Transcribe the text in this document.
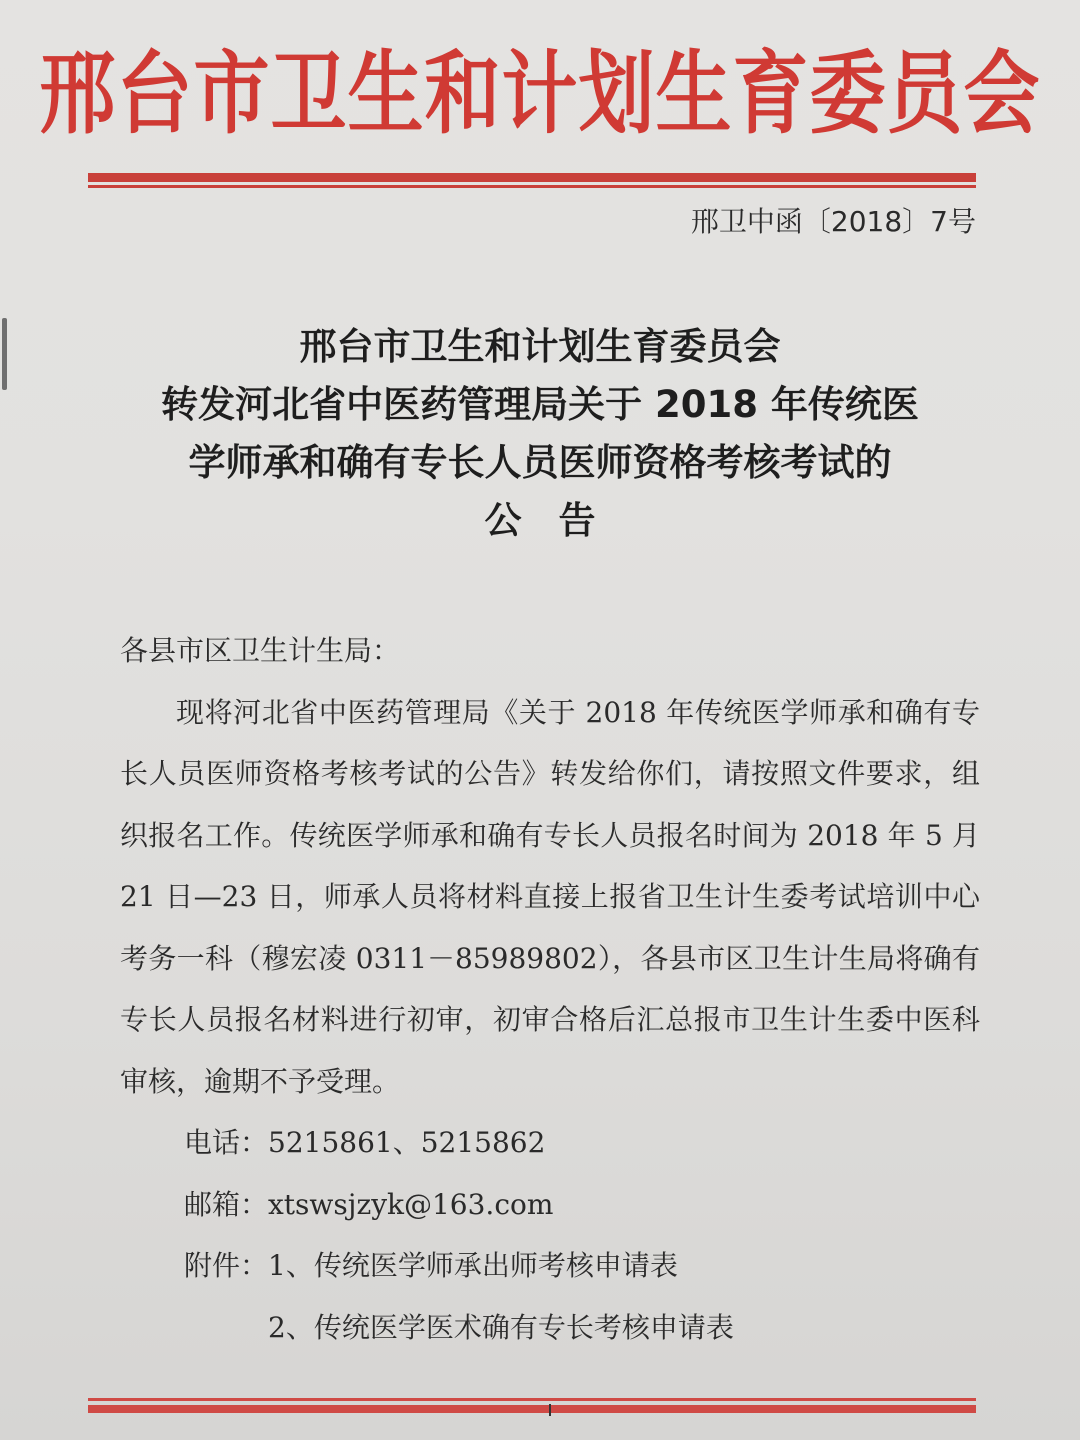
邢台市卫生和计划生育委员会
邢卫中函〔2018〕7号
邢台市卫生和计划生育委员会
转发河北省中医药管理局关于 2018 年传统医
学师承和确有专长人员医师资格考核考试的
公　告

各县市区卫生计生局：

现将河北省中医药管理局《关于 2018 年传统医学师承和确有专长人员医师资格考核考试的公告》转发给你们，请按照文件要求，组织报名工作。传统医学师承和确有专长人员报名时间为 2018 年 5 月 21 日—23 日，师承人员将材料直接上报省卫生计生委考试培训中心考务一科（穆宏凌 0311－85989802），各县市区卫生计生局将确有专长人员报名材料进行初审，初审合格后汇总报市卫生计生委中医科审核，逾期不予受理。

电话：5215861、5215862

邮箱：xtswsjzyk@163.com

附件： 1、传统医学师承出师考核申请表
2、传统医学医术确有专长考核申请表
